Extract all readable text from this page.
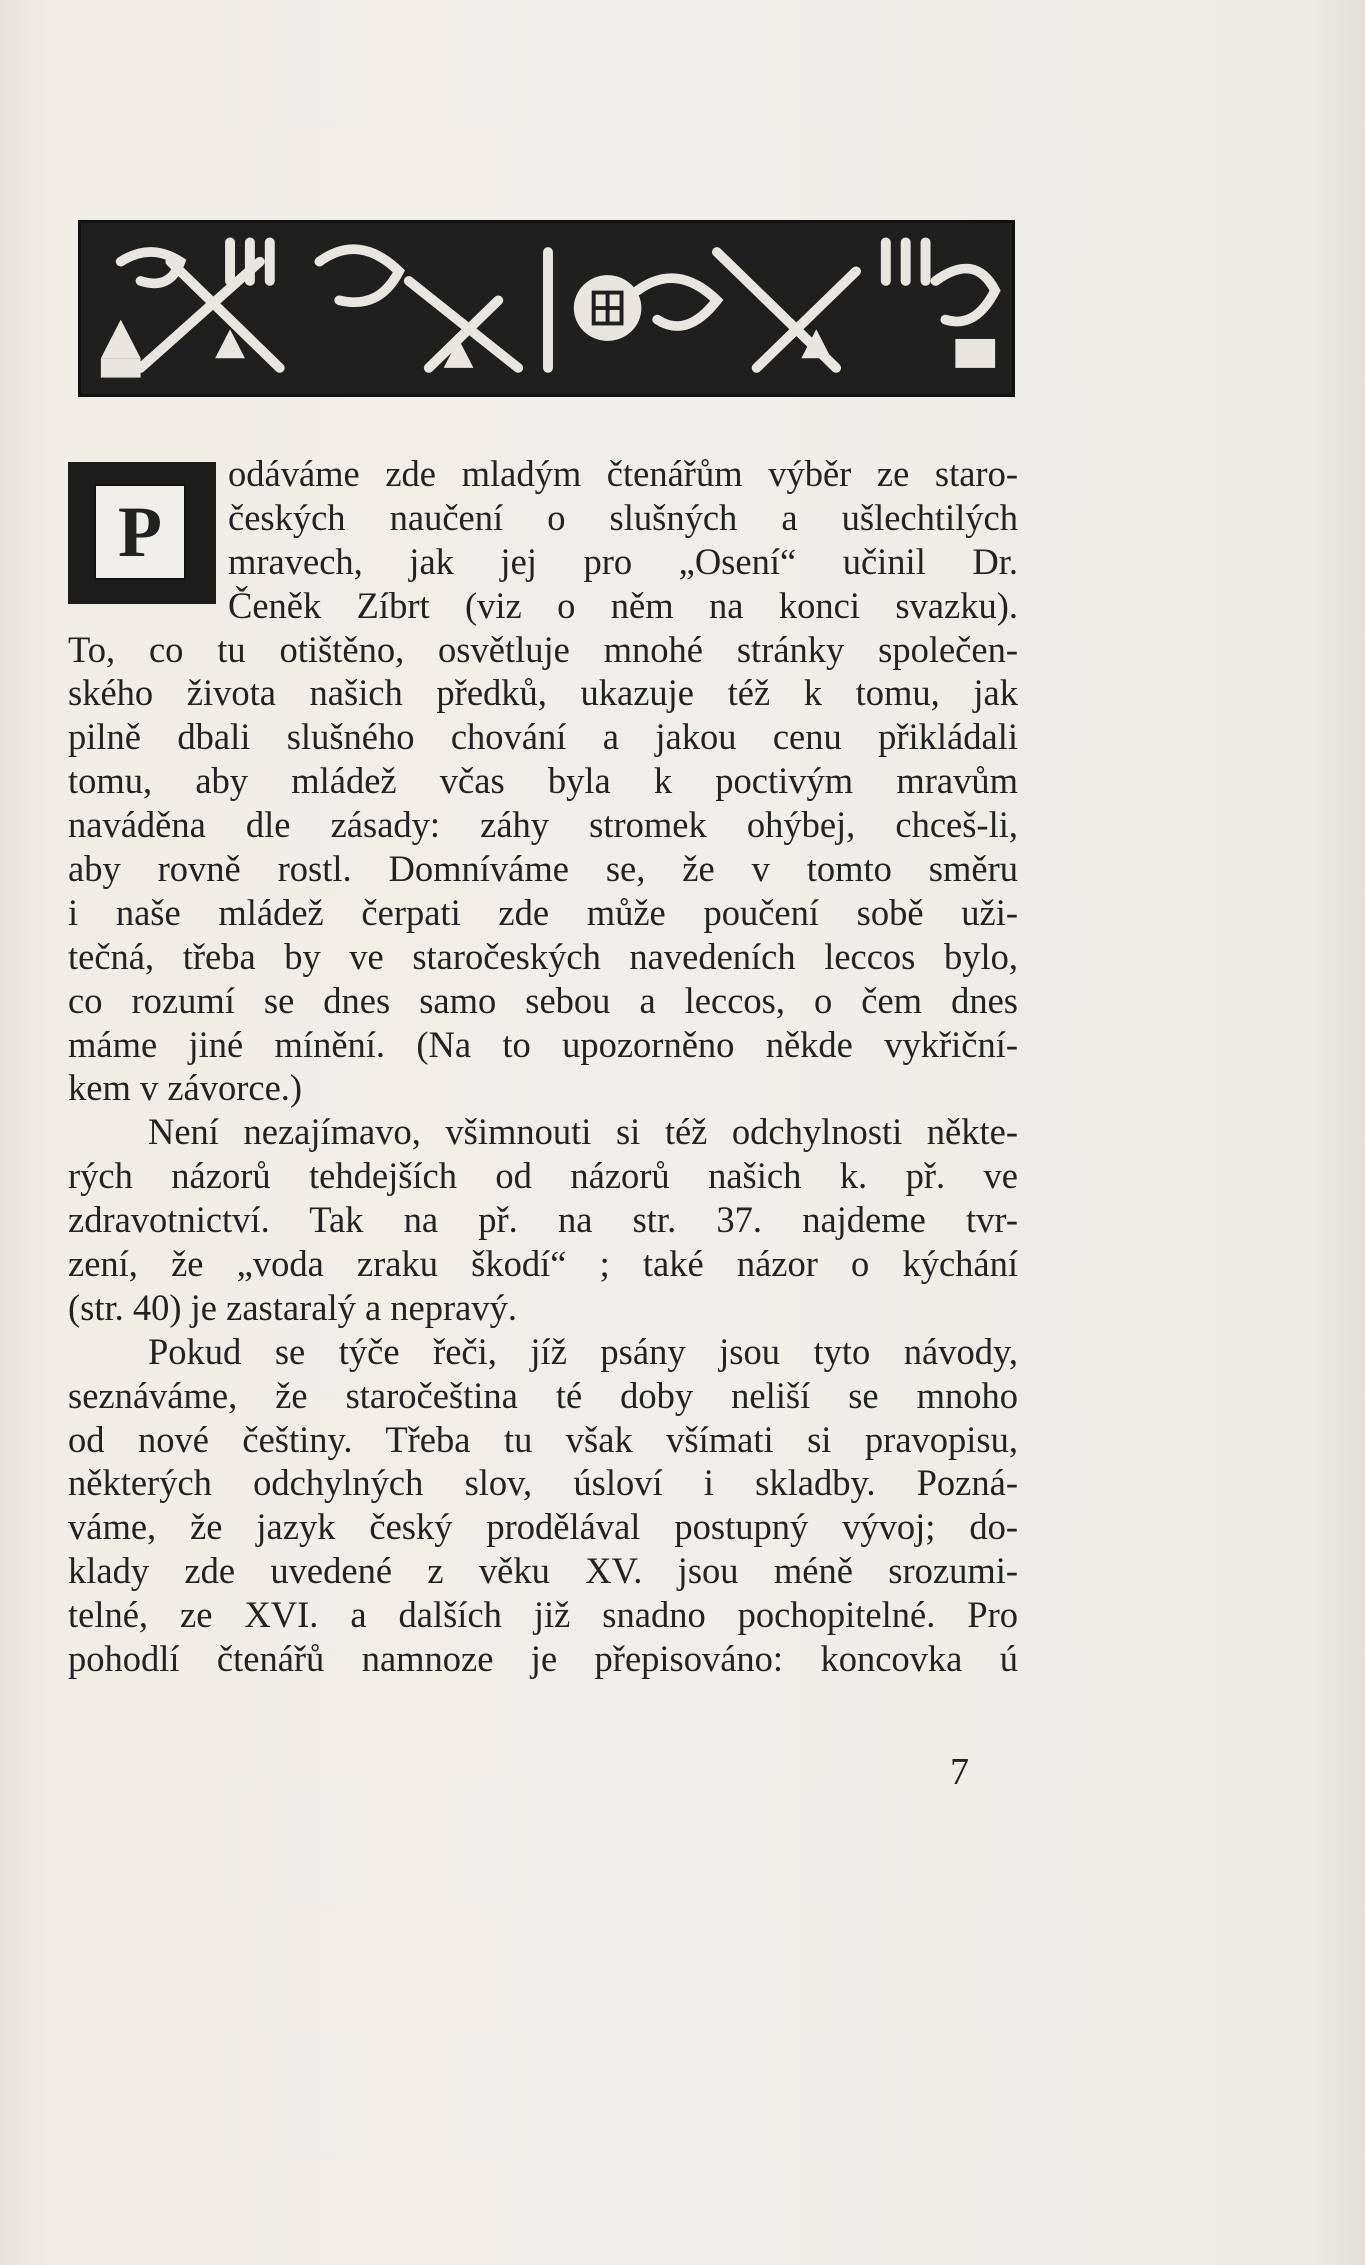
P
odáváme zde mladým čtenářům výběr ze staro-
českých naučení o slušných a ušlechtilých
mravech, jak jej pro „Osení“ učinil Dr.
Čeněk Zíbrt (viz o něm na konci svazku).
To, co tu otištěno, osvětluje mnohé stránky společen-
ského života našich předků, ukazuje též k tomu, jak
pilně dbali slušného chování a jakou cenu přikládali
tomu, aby mládež včas byla k poctivým mravům
naváděna dle zásady: záhy stromek ohýbej, chceš-li,
aby rovně rostl. Domníváme se, že v tomto směru
i naše mládež čerpati zde může poučení sobě uži-
tečná, třeba by ve staročeských navedeních leccos bylo,
co rozumí se dnes samo sebou a leccos, o čem dnes
máme jiné mínění. (Na to upozorněno někde vykřiční-
kem v závorce.)
Není nezajímavo, všimnouti si též odchylnosti někte-
rých názorů tehdejších od názorů našich k. př. ve
zdravotnictví. Tak na př. na str. 37. najdeme tvr-
zení, že „voda zraku škodí“ ; také názor o kýchání
(str. 40) je zastaralý a nepravý.
Pokud se týče řeči, jíž psány jsou tyto návody,
seznáváme, že staročeština té doby neliší se mnoho
od nové češtiny. Třeba tu však všímati si pravopisu,
některých odchylných slov, úsloví i skladby. Pozná-
váme, že jazyk český prodělával postupný vývoj; do-
klady zde uvedené z věku XV. jsou méně srozumi-
telné, ze XVI. a dalších již snadno pochopitelné. Pro
pohodlí čtenářů namnoze je přepisováno: koncovka ú
7
